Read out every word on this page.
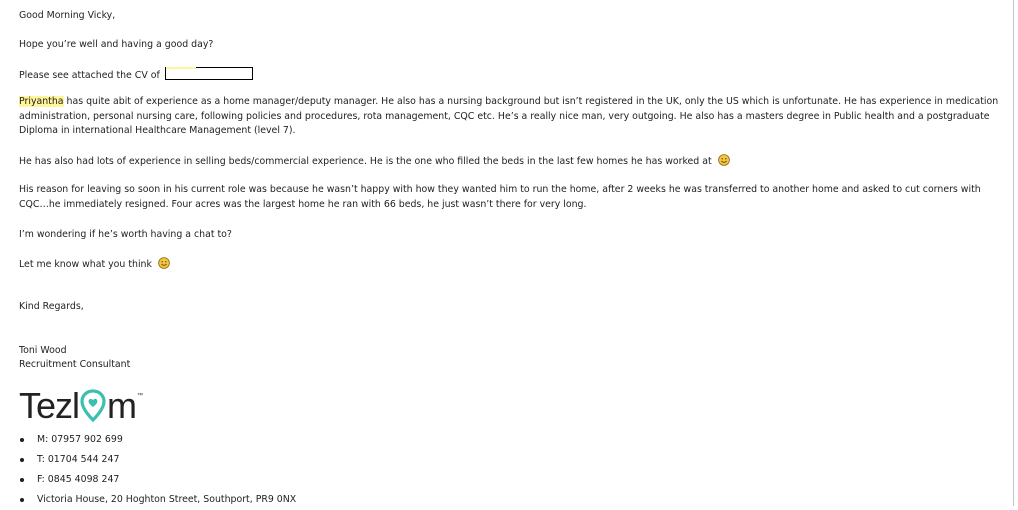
Good Morning Vicky,
Hope you’re well and having a good day?
Please see attached the CV of
Priyantha has quite abit of experience as a home manager/deputy manager. He also has a nursing background but isn’t registered in the UK, only the US which is unfortunate. He has experience in medication administration, personal nursing care, following policies and procedures, rota management, CQC etc. He’s a really nice man, very outgoing. He also has a masters degree in Public health and a postgraduate Diploma in international Healthcare Management (level 7).
He has also had lots of experience in selling beds/commercial experience. He is the one who filled the beds in the last few homes he has worked at
His reason for leaving so soon in his current role was because he wasn’t happy with how they wanted him to run the home, after 2 weeks he was transferred to another home and asked to cut corners with CQC…he immediately resigned. Four acres was the largest home he ran with 66 beds, he just wasn’t there for very long.
I’m wondering if he’s worth having a chat to?
Let me know what you think
Kind Regards,
Toni Wood
Recruitment Consultant
Tezl m ™
M: 07957 902 699
T: 01704 544 247
F: 0845 4098 247
Victoria House, 20 Hoghton Street, Southport, PR9 0NX
